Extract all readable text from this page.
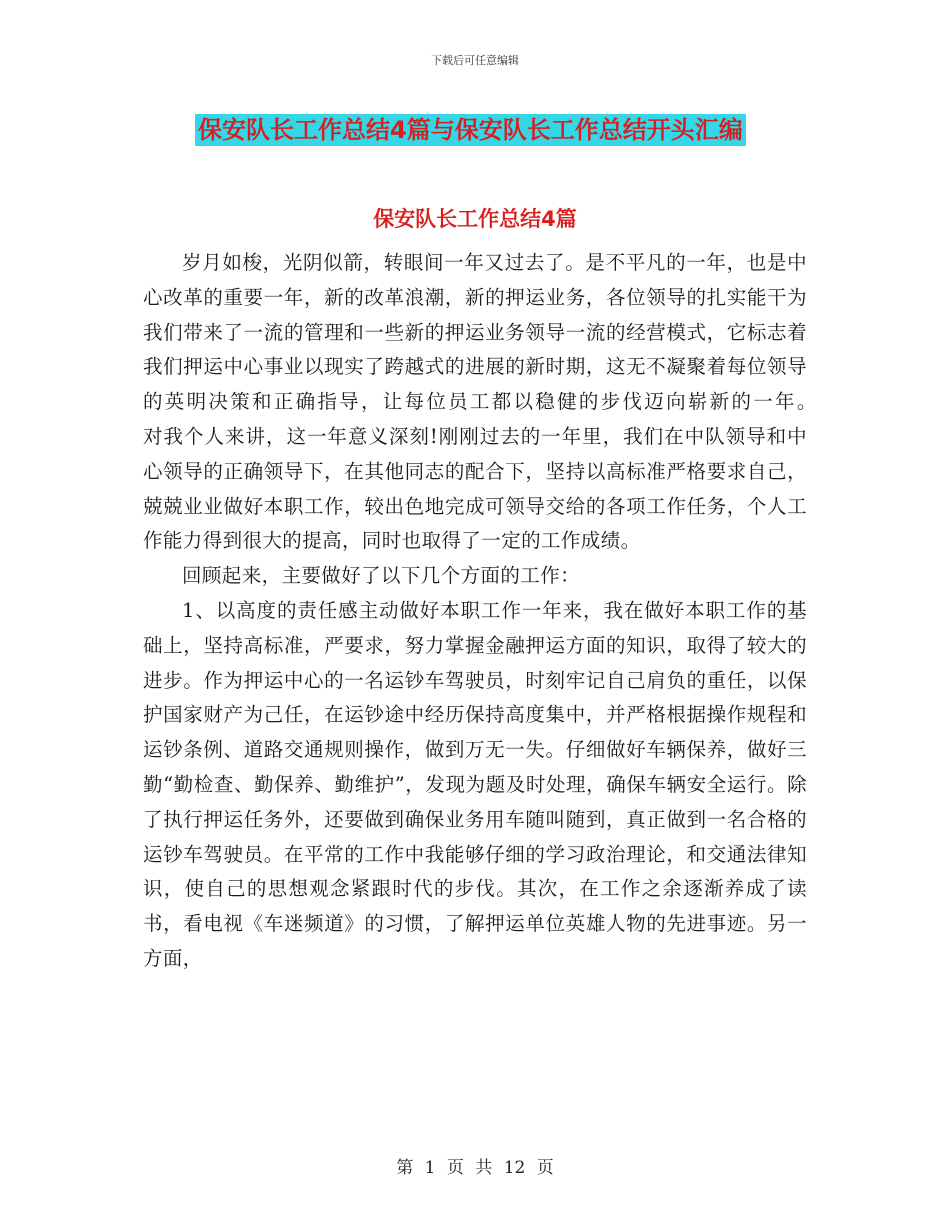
下载后可任意编辑
保安队长工作总结4篇与保安队长工作总结开头汇编
保安队长工作总结4篇

岁月如梭，光阴似箭，转眼间一年又过去了。是不平凡的一年，也是中心改革的重要一年，新的改革浪潮，新的押运业务，各位领导的扎实能干为我们带来了一流的管理和一些新的押运业务领导一流的经营模式，它标志着我们押运中心事业以现实了跨越式的进展的新时期，这无不凝聚着每位领导的英明决策和正确指导，让每位员工都以稳健的步伐迈向崭新的一年。　　对我个人来讲，这一年意义深刻!刚刚过去的一年里，我们在中队领导和中心领导的正确领导下，在其他同志的配合下，坚持以高标准严格要求自己，兢兢业业做好本职工作，较出色地完成可领导交给的各项工作任务，个人工作能力得到很大的提高，同时也取得了一定的工作成绩。

回顾起来，主要做好了以下几个方面的工作：

1、以高度的责任感主动做好本职工作一年来，我在做好本职工作的基础上，坚持高标准，严要求，努力掌握金融押运方面的知识，取得了较大的进步。作为押运中心的一名运钞车驾驶员，时刻牢记自己肩负的重任，以保护国家财产为己任，在运钞途中经历保持高度集中，并严格根据操作规程和运钞条例、道路交通规则操作，做到万无一失。仔细做好车辆保养，做好三勤“勤检查、勤保养、勤维护”，发现为题及时处理，确保车辆安全运行。除了执行押运任务外，还要做到确保业务用车随叫随到，真正做到一名合格的运钞车驾驶员。在平常的工作中我能够仔细的学习政治理论，和交通法律知识，使自己的思想观念紧跟时代的步伐。其次，在工作之余逐渐养成了读书，看电视《车迷频道》的习惯，了解押运单位英雄人物的先进事迹。另一方面，

第 1 页 共 12 页
